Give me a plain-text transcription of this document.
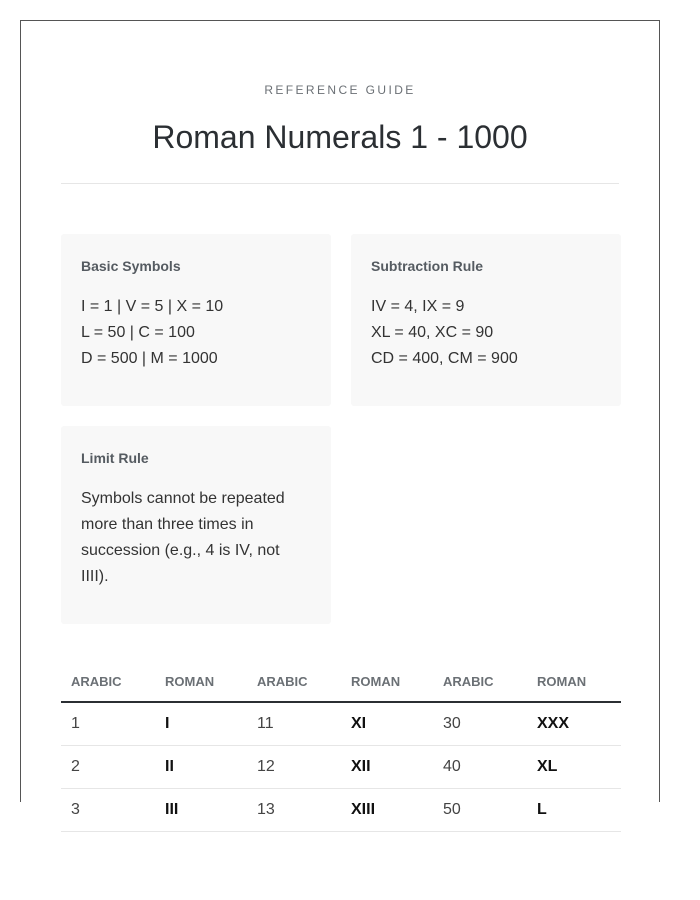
REFERENCE GUIDE
Roman Numerals 1 - 1000
Basic Symbols
I = 1 | V = 5 | X = 10
L = 50 | C = 100
D = 500 | M = 1000
Subtraction Rule
IV = 4, IX = 9
XL = 40, XC = 90
CD = 400, CM = 900
Limit Rule

Symbols cannot be repeated more than three times in succession (e.g., 4 is IV, not IIII).

ARABIC	ROMAN	ARABIC	ROMAN	ARABIC	ROMAN
1	I	11	XI	30	XXX
2	II	12	XII	40	XL
3	III	13	XIII	50	L
